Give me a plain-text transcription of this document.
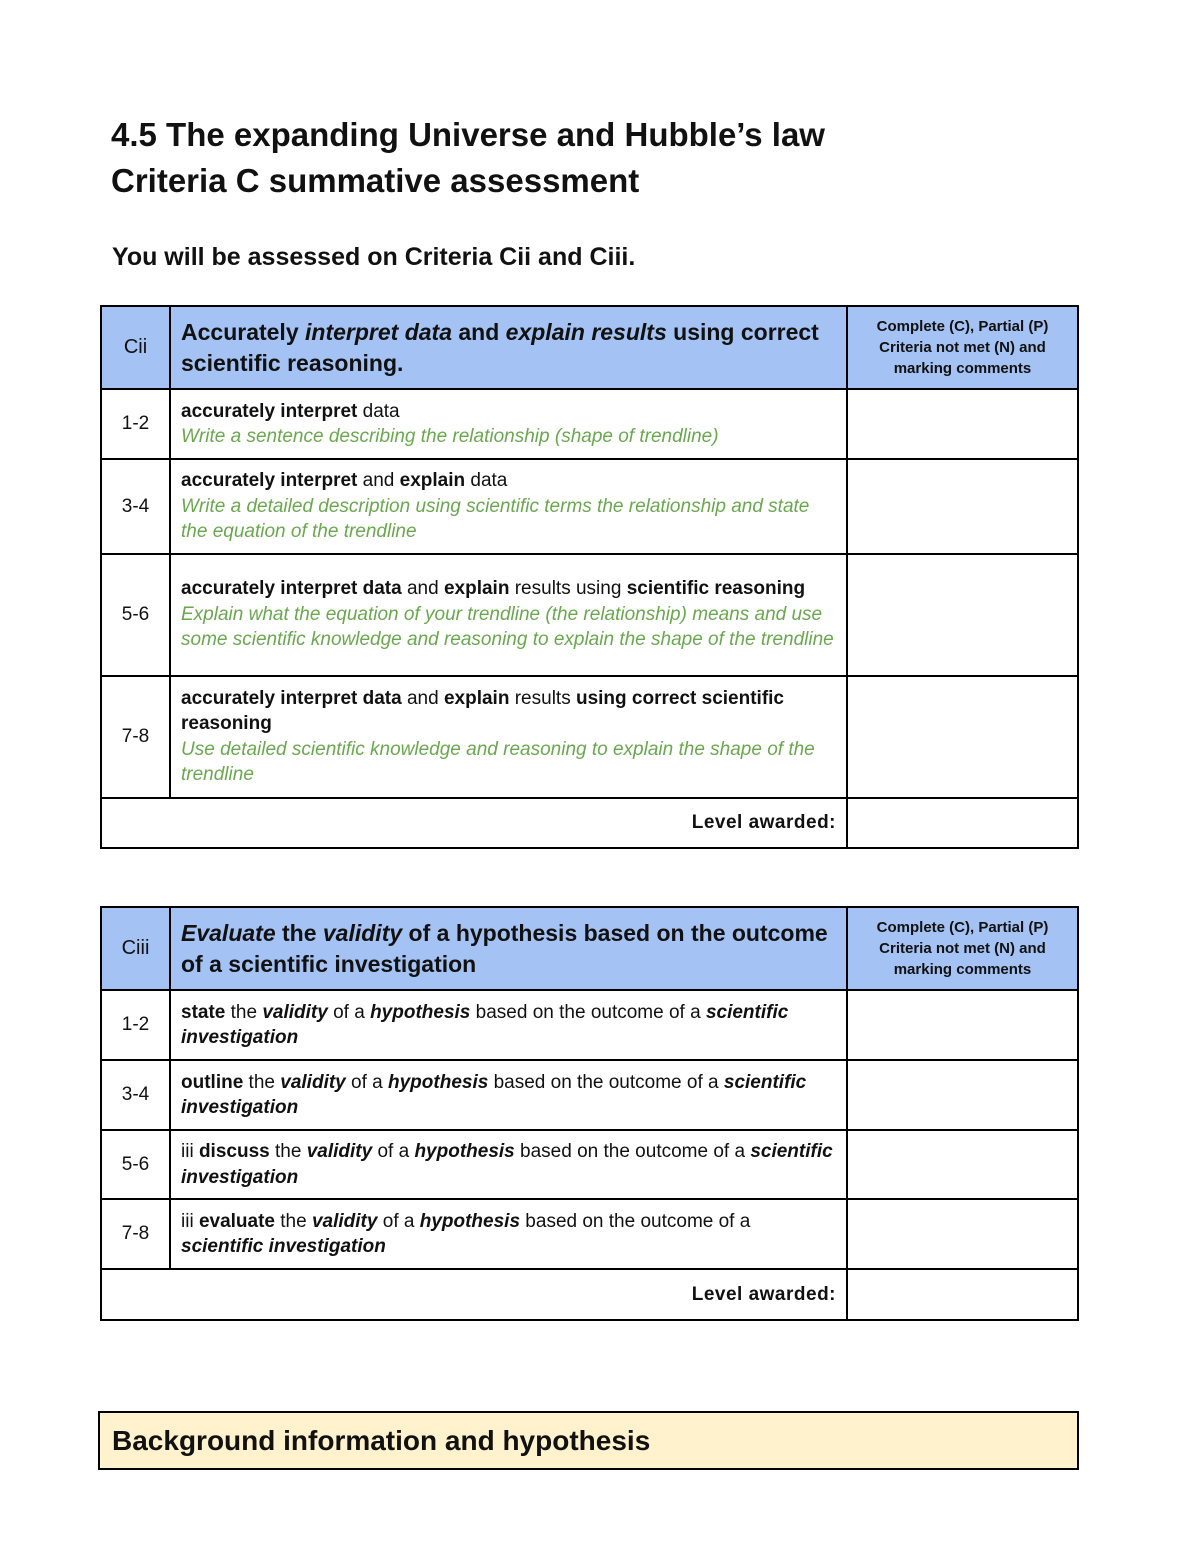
4.5 The expanding Universe and Hubble’s law
Criteria C summative assessment

You will be assessed on Criteria Cii and Ciii.

Cii	Accurately interpret data and explain results using correct scientific reasoning.	Complete (C), Partial (P) Criteria not met (N) and marking comments
1-2	accurately interpret data
Write a sentence describing the relationship (shape of trendline)	

3-4	accurately interpret and explain data
Write a detailed description using scientific terms the relationship and state the equation of the trendline	

5-6	accurately interpret data and explain results using scientific reasoning
Explain what the equation of your trendline (the relationship) means and use some scientific knowledge and reasoning to explain the shape of the trendline	

7-8	accurately interpret data and explain results using correct scientific reasoning
Use detailed scientific knowledge and reasoning to explain the shape of the trendline	

Level awarded:		
Ciii	Evaluate the validity of a hypothesis based on the outcome of a scientific investigation	Complete (C), Partial (P) Criteria not met (N) and marking comments
1-2	state the validity of a hypothesis based on the outcome of a scientific investigation	
3-4	outline the validity of a hypothesis based on the outcome of a scientific investigation	
5-6	iii discuss the validity of a hypothesis based on the outcome of a scientific investigation	
7-8	iii evaluate the validity of a hypothesis based on the outcome of a scientific investigation	
Level awarded:		
Background information and hypothesis
